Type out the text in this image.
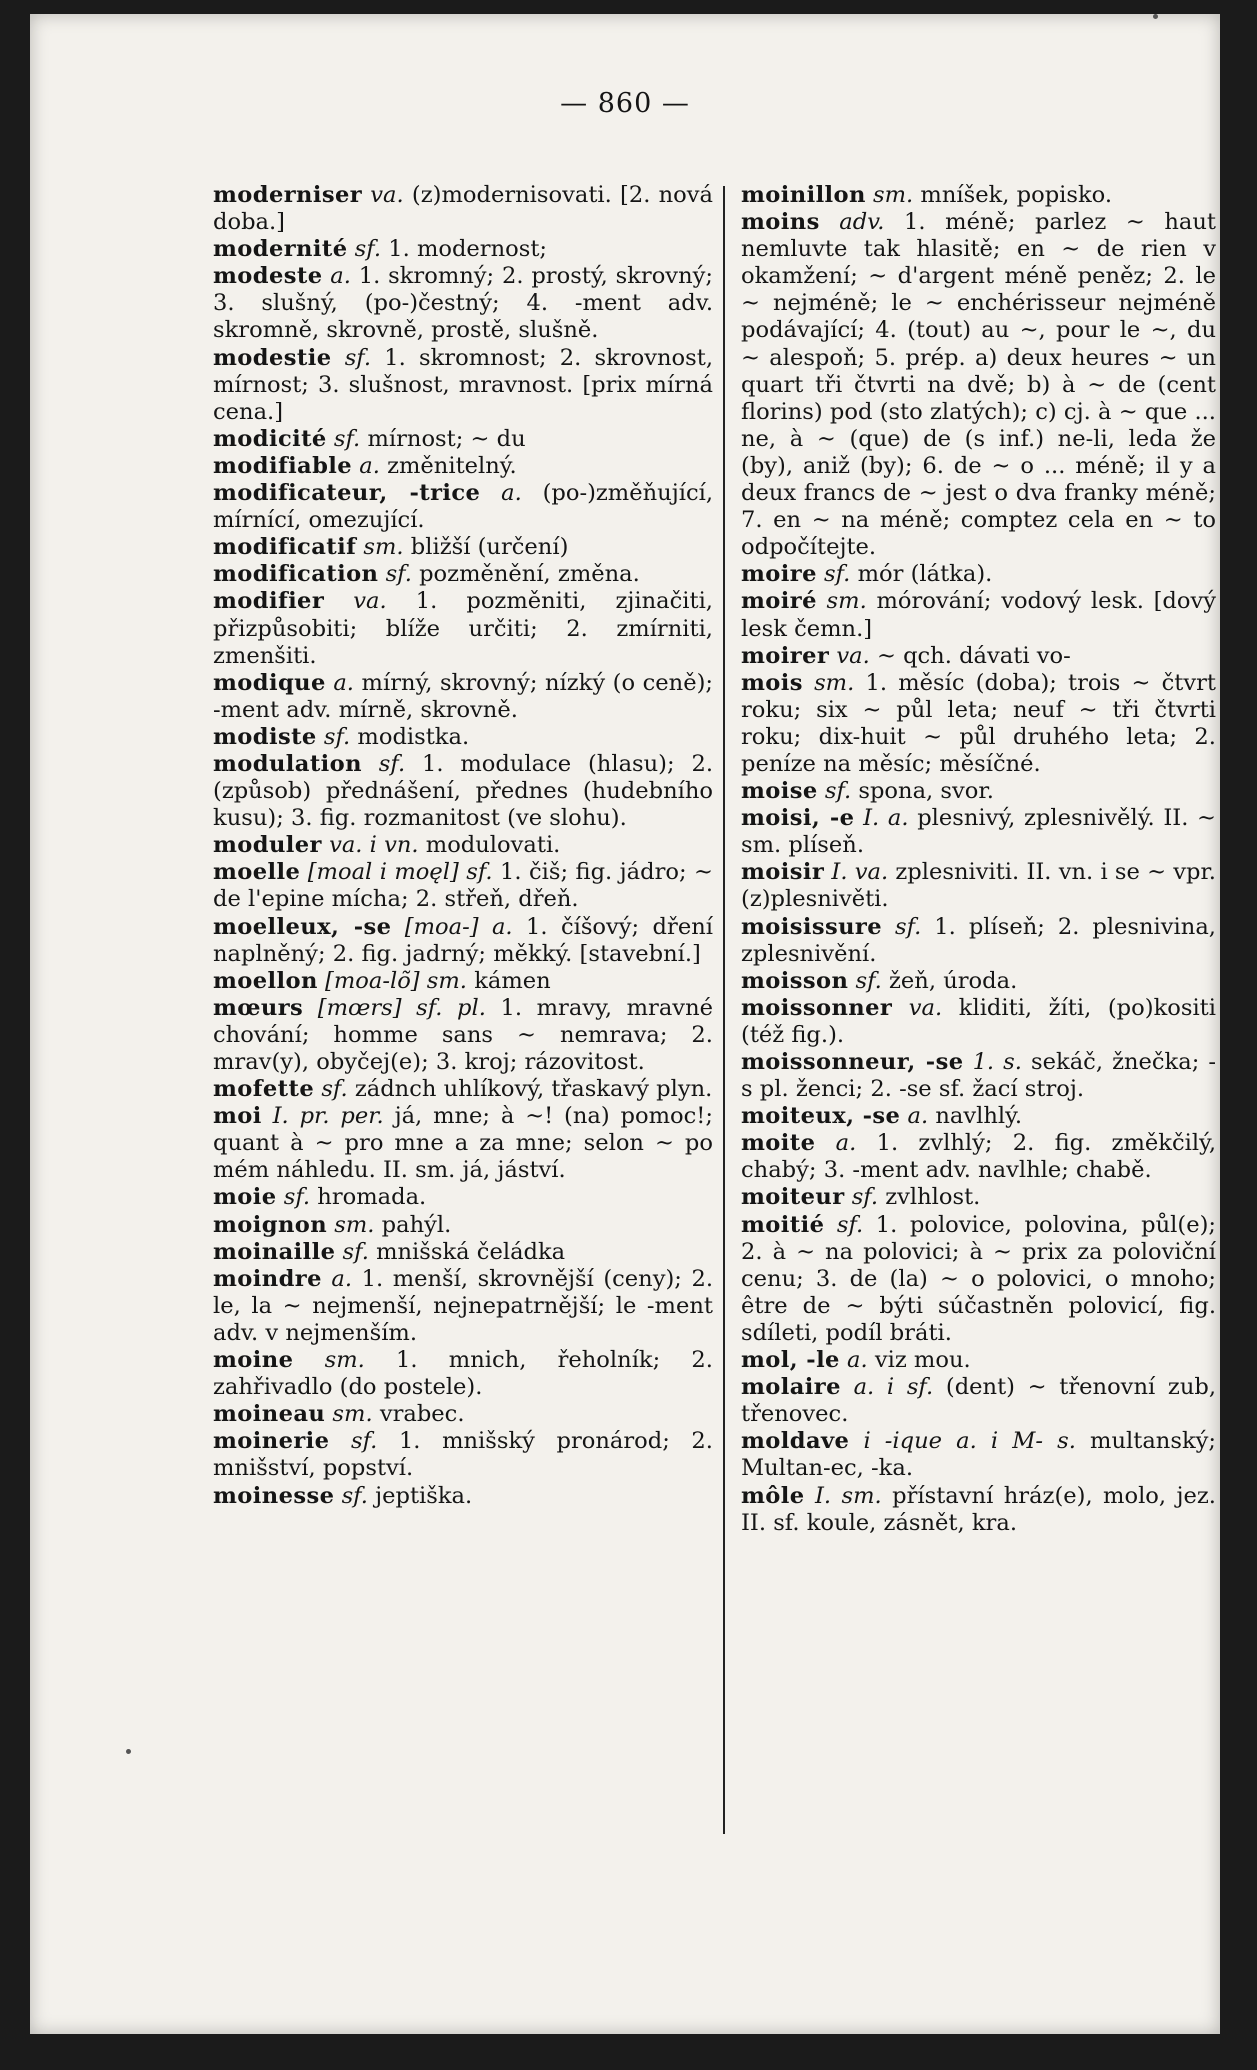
— 860 —

moderniser va. (z)modernisovati. [2. nová doba.]

modernité sf. 1. modernost;

modeste a. 1. skromný; 2. prostý, skrovný; 3. slušný, (po-)čestný; 4. -ment adv. skromně, skrovně, prostě, slušně.

modestie sf. 1. skromnost; 2. skrovnost, mírnost; 3. slušnost, mravnost. [prix mírná cena.]

modicité sf. mírnost; ~ du

modifiable a. změnitelný.

modificateur, -trice a. (po-)změňující, mírnící, omezující.

modificatif sm. bližší (určení)

modification sf. pozměnění, změna.

modifier va. 1. pozměniti, zjinačiti, přizpůsobiti; blíže určiti; 2. zmírniti, zmenšiti.

modique a. mírný, skrovný; nízký (o ceně); -ment adv. mírně, skrovně.

modiste sf. modistka.

modulation sf. 1. modulace (hlasu); 2. (způsob) přednášení, přednes (hudebního kusu); 3. fig. rozmanitost (ve slohu).

moduler va. i vn. modulovati.

moelle [moal i moęl] sf. 1. čiš; fig. jádro; ~ de l'epine mícha; 2. střeň, dřeň.

moelleux, -se [moa-] a. 1. číšový; dření naplněný; 2. fig. jadrný; měkký. [stavební.]

moellon [moa-lõ] sm. kámen

mœurs [mœrs] sf. pl. 1. mravy, mravné chování; homme sans ~ nemrava; 2. mrav(y), obyčej(e); 3. kroj; rázovitost.

mofette sf. zádnch uhlíkový, třaskavý plyn.

moi I. pr. per. já, mne; à ~! (na) pomoc!; quant à ~ pro mne a za mne; selon ~ po mém náhledu. II. sm. já, jáství.

moie sf. hromada.

moignon sm. pahýl.

moinaille sf. mnišská čeládka

moindre a. 1. menší, skrovnější (ceny); 2. le, la ~ nejmenší, nejnepatrnější; le -ment adv. v nejmenším.

moine sm. 1. mnich, řeholník; 2. zahřivadlo (do postele).

moineau sm. vrabec.

moinerie sf. 1. mnišský pronárod; 2. mnišství, popství.

moinesse sf. jeptiška.

moinillon sm. mníšek, popisko.

moins adv. 1. méně; parlez ~ haut nemluvte tak hlasitě; en ~ de rien v okamžení; ~ d'argent méně peněz; 2. le ~ nejméně; le ~ enchérisseur nejméně podávající; 4. (tout) au ~, pour le ~, du ~ alespoň; 5. prép. a) deux heures ~ un quart tři čtvrti na dvě; b) à ~ de (cent florins) pod (sto zlatých); c) cj. à ~ que ... ne, à ~ (que) de (s inf.) ne-li, leda že (by), aniž (by); 6. de ~ o ... méně; il y a deux francs de ~ jest o dva franky méně; 7. en ~ na méně; comptez cela en ~ to odpočítejte.

moire sf. mór (látka).

moiré sm. mórování; vodový lesk. [dový lesk čemn.]

moirer va. ~ qch. dávati vo-

mois sm. 1. měsíc (doba); trois ~ čtvrt roku; six ~ půl leta; neuf ~ tři čtvrti roku; dix-huit ~ půl druhého leta; 2. peníze na měsíc; měsíčné.

moise sf. spona, svor.

moisi, -e I. a. plesnivý, zplesnivělý. II. ~ sm. plíseň.

moisir I. va. zplesniviti. II. vn. i se ~ vpr. (z)plesnivěti.

moisissure sf. 1. plíseň; 2. plesnivina, zplesnivění.

moisson sf. žeň, úroda.

moissonner va. kliditi, žíti, (po)kositi (též fig.).

moissonneur, -se 1. s. sekáč, žnečka; -s pl. ženci; 2. -se sf. žací stroj.

moiteux, -se a. navlhlý.

moite a. 1. zvlhlý; 2. fig. změkčilý, chabý; 3. -ment adv. navlhle; chabě.

moiteur sf. zvlhlost.

moitié sf. 1. polovice, polovina, půl(e); 2. à ~ na polovici; à ~ prix za poloviční cenu; 3. de (la) ~ o polovici, o mnoho; être de ~ býti súčastněn polovicí, fig. sdíleti, podíl bráti.

mol, -le a. viz mou.

molaire a. i sf. (dent) ~ třenovní zub, třenovec.

moldave i -ique a. i M- s. multanský; Multan-ec, -ka.

môle I. sm. přístavní hráz(e), molo, jez. II. sf. koule, zásnět, kra.
